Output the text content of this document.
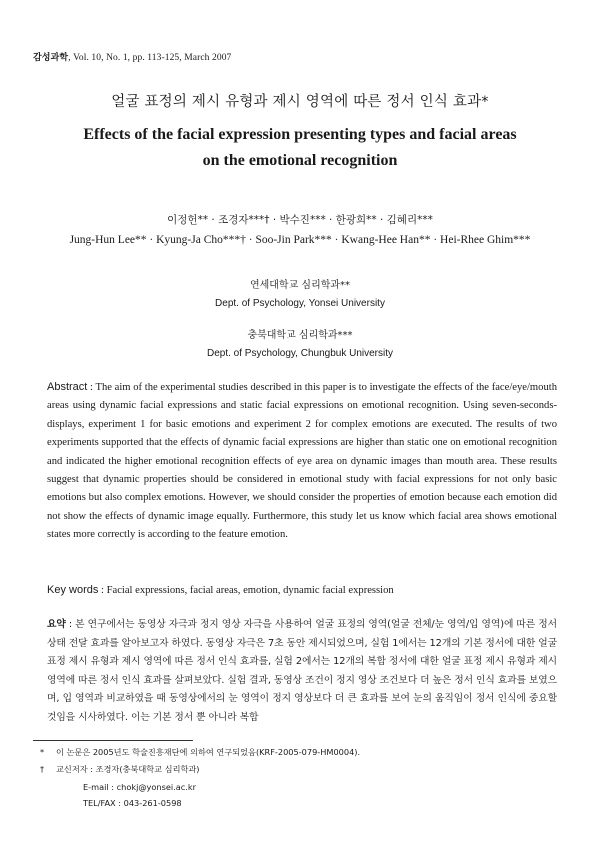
감성과학, Vol. 10, No. 1, pp. 113-125, March 2007
얼굴 표정의 제시 유형과 제시 영역에 따른 정서 인식 효과*
Effects of the facial expression presenting types and facial areas
on the emotional recognition
이정헌** · 조경자***† · 박수진*** · 한광희** · 김혜리***
Jung-Hun Lee** · Kyung-Ja Cho***† · Soo-Jin Park*** · Kwang-Hee Han** · Hei-Rhee Ghim***
연세대학교 심리학과**
Dept. of Psychology, Yonsei University
충북대학교 심리학과***
Dept. of Psychology, Chungbuk University
Abstract : The aim of the experimental studies described in this paper is to investigate the effects of the face/eye/mouth areas using dynamic facial expressions and static facial expressions on emotional recognition. Using seven-seconds-displays, experiment 1 for basic emotions and experiment 2 for complex emotions are executed. The results of two experiments supported that the effects of dynamic facial expressions are higher than static one on emotional recognition and indicated the higher emotional recognition effects of eye area on dynamic images than mouth area. These results suggest that dynamic properties should be considered in emotional study with facial expressions for not only basic emotions but also complex emotions. However, we should consider the properties of emotion because each emotion did not show the effects of dynamic image equally. Furthermore, this study let us know which facial area shows emotional states more correctly is according to the feature emotion.
Key words : Facial expressions, facial areas, emotion, dynamic facial expression
요약 : 본 연구에서는 동영상 자극과 정지 영상 자극을 사용하여 얼굴 표정의 영역(얼굴 전체/눈 영역/입 영역)에 따른 정서 상태 전달 효과를 알아보고자 하였다. 동영상 자극은 7초 동안 제시되었으며, 실험 1에서는 12개의 기본 정서에 대한 얼굴 표정 제시 유형과 제시 영역에 따른 정서 인식 효과를, 실험 2에서는 12개의 복합 정서에 대한 얼굴 표정 제시 유형과 제시 영역에 따른 정서 인식 효과를 살펴보았다. 실험 결과, 동영상 조건이 정지 영상 조건보다 더 높은 정서 인식 효과를 보였으며, 입 영역과 비교하였을 때 동영상에서의 눈 영역이 정지 영상보다 더 큰 효과를 보여 눈의 움직임이 정서 인식에 중요할 것임을 시사하였다. 이는 기본 정서 뿐 아니라 복합
* 이 논문은 2005년도 학술진흥재단에 의하여 연구되었음(KRF-2005-079-HM0004).
† 교신저자 : 조경자(충북대학교 심리학과)
E-mail : chokj@yonsei.ac.kr
TEL/FAX : 043-261-0598
